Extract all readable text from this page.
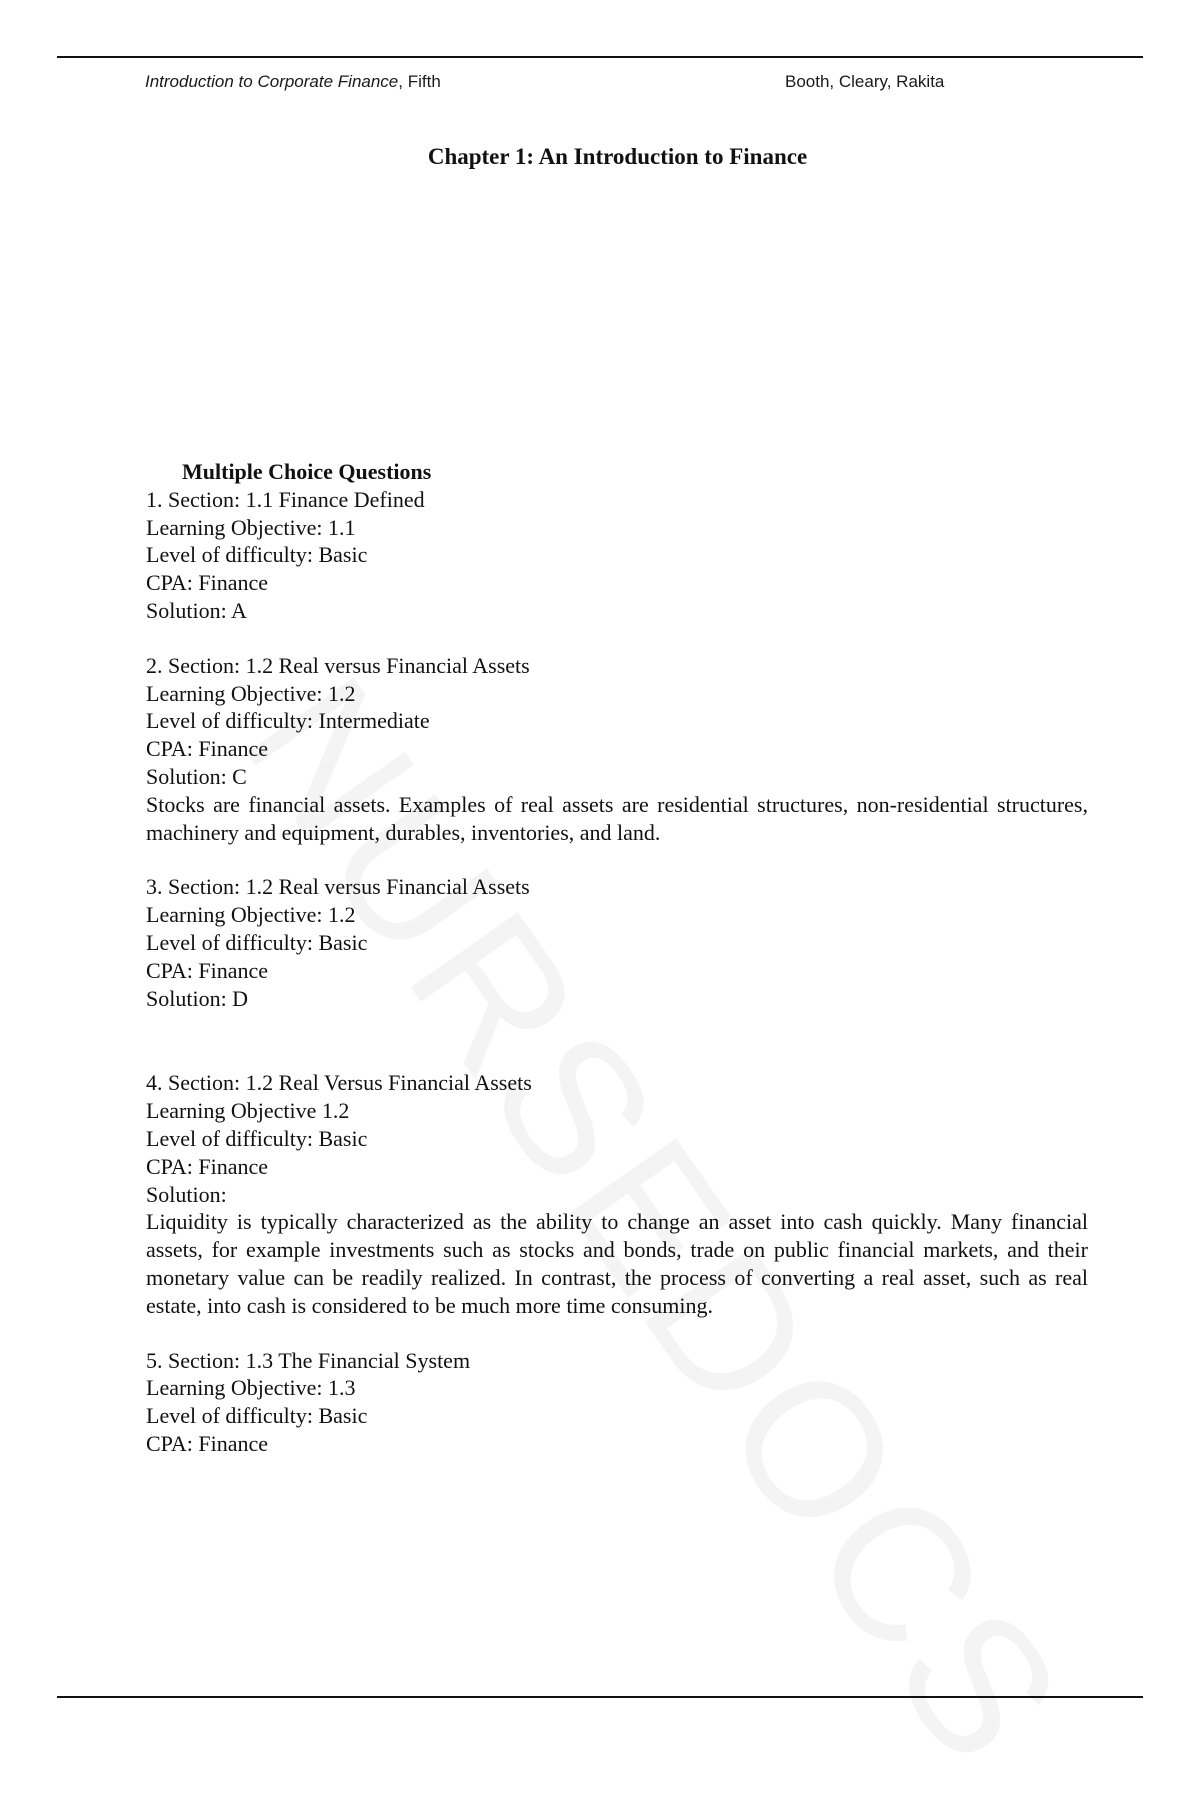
Introduction to Corporate Finance, Fifth	Booth, Cleary, Rakita
Chapter 1: An Introduction to Finance
Multiple Choice Questions
1. Section: 1.1 Finance Defined
Learning Objective: 1.1
Level of difficulty: Basic
CPA: Finance
Solution: A
2. Section: 1.2 Real versus Financial Assets
Learning Objective: 1.2
Level of difficulty: Intermediate
CPA: Finance
Solution: C
Stocks are financial assets. Examples of real assets are residential structures, non-residential structures, machinery and equipment, durables, inventories, and land.
3. Section: 1.2 Real versus Financial Assets
Learning Objective: 1.2
Level of difficulty: Basic
CPA: Finance
Solution: D
4. Section: 1.2 Real Versus Financial Assets
Learning Objective 1.2
Level of difficulty: Basic
CPA: Finance
Solution:
Liquidity is typically characterized as the ability to change an asset into cash quickly. Many financial assets, for example investments such as stocks and bonds, trade on public financial markets, and their monetary value can be readily realized. In contrast, the process of converting a real asset, such as real estate, into cash is considered to be much more time consuming.
5. Section: 1.3 The Financial System
Learning Objective: 1.3
Level of difficulty: Basic
CPA: Finance
